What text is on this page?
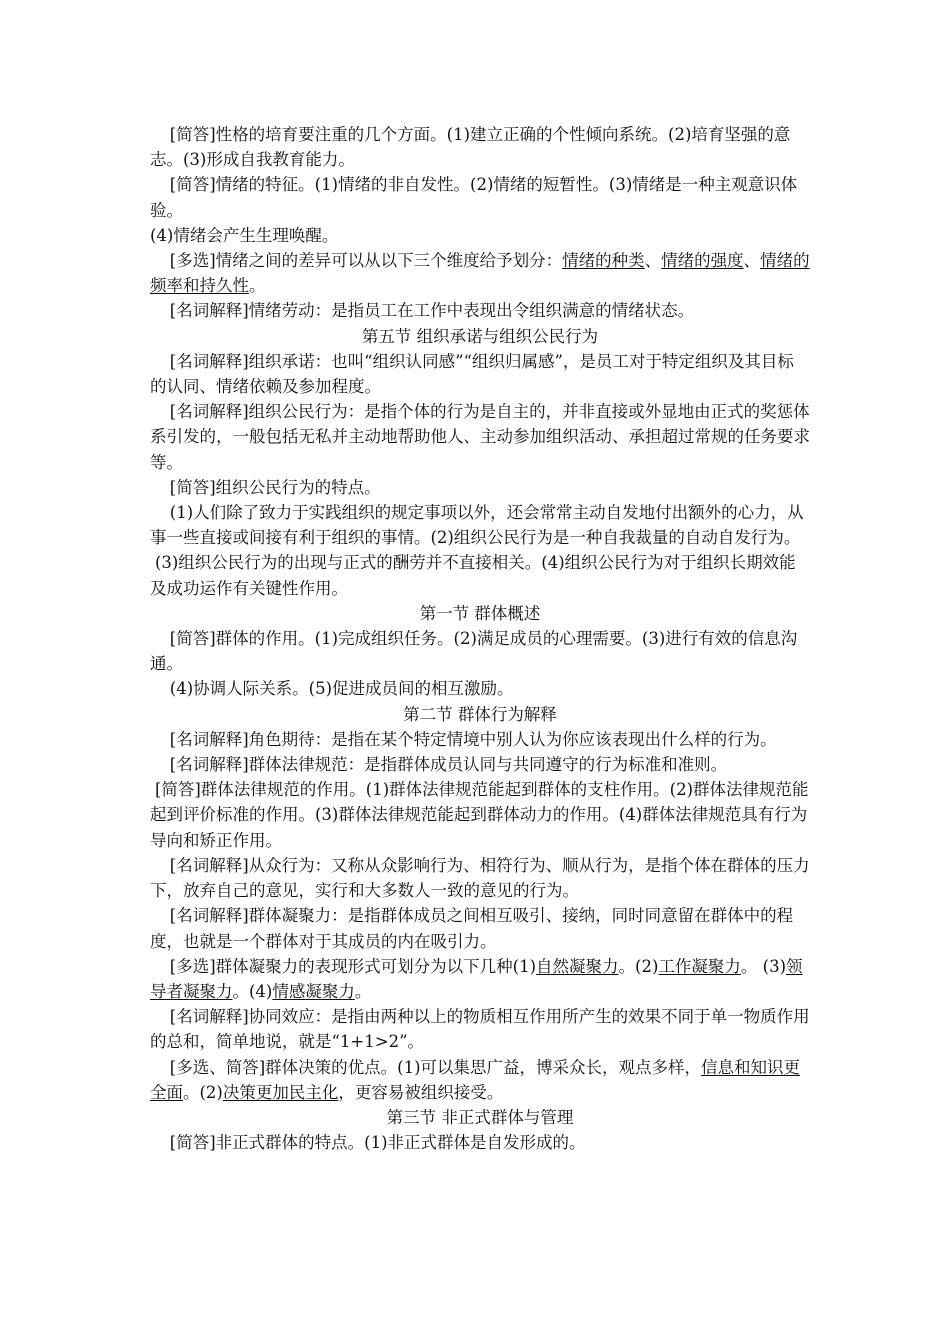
[简答]性格的培育要注重的几个方面。(1)建立正确的个性倾向系统。(2)培育坚强的意志。(3)形成自我教育能力。

[简答]情绪的特征。(1)情绪的非自发性。(2)情绪的短暂性。(3)情绪是一种主观意识体验。

(4)情绪会产生生理唤醒。

[多选]情绪之间的差异可以从以下三个维度给予划分：情绪的种类、情绪的强度、情绪的频率和持久性。

[名词解释]情绪劳动：是指员工在工作中表现出令组织满意的情绪状态。

第五节 组织承诺与组织公民行为

[名词解释]组织承诺：也叫“组织认同感”“组织归属感”，是员工对于特定组织及其目标的认同、情绪依赖及参加程度。

[名词解释]组织公民行为：是指个体的行为是自主的，并非直接或外显地由正式的奖惩体系引发的，一般包括无私并主动地帮助他人、主动参加组织活动、承担超过常规的任务要求等。

[简答]组织公民行为的特点。

(1)人们除了致力于实践组织的规定事项以外，还会常常主动自发地付出额外的心力，从事一些直接或间接有利于组织的事情。(2)组织公民行为是一种自我裁量的自动自发行为。

(3)组织公民行为的出现与正式的酬劳并不直接相关。(4)组织公民行为对于组织长期效能及成功运作有关键性作用。

第一节 群体概述

[简答]群体的作用。(1)完成组织任务。(2)满足成员的心理需要。(3)进行有效的信息沟通。

(4)协调人际关系。(5)促进成员间的相互激励。

第二节 群体行为解释

[名词解释]角色期待：是指在某个特定情境中别人认为你应该表现出什么样的行为。

[名词解释]群体法律规范：是指群体成员认同与共同遵守的行为标准和准则。

[简答]群体法律规范的作用。(1)群体法律规范能起到群体的支柱作用。(2)群体法律规范能起到评价标准的作用。(3)群体法律规范能起到群体动力的作用。(4)群体法律规范具有行为导向和矫正作用。

[名词解释]从众行为：又称从众影响行为、相符行为、顺从行为，是指个体在群体的压力下，放弃自己的意见，实行和大多数人一致的意见的行为。

[名词解释]群体凝聚力：是指群体成员之间相互吸引、接纳，同时同意留在群体中的程度，也就是一个群体对于其成员的内在吸引力。

[多选]群体凝聚力的表现形式可划分为以下几种(1)自然凝聚力。(2)工作凝聚力。 (3)领导者凝聚力。(4)情感凝聚力。

[名词解释]协同效应：是指由两种以上的物质相互作用所产生的效果不同于单一物质作用的总和，简单地说，就是“1+1>2”。

[多选、简答]群体决策的优点。(1)可以集思广益，博采众长，观点多样，信息和知识更全面。(2)决策更加民主化，更容易被组织接受。

第三节 非正式群体与管理

[简答]非正式群体的特点。(1)非正式群体是自发形成的。
